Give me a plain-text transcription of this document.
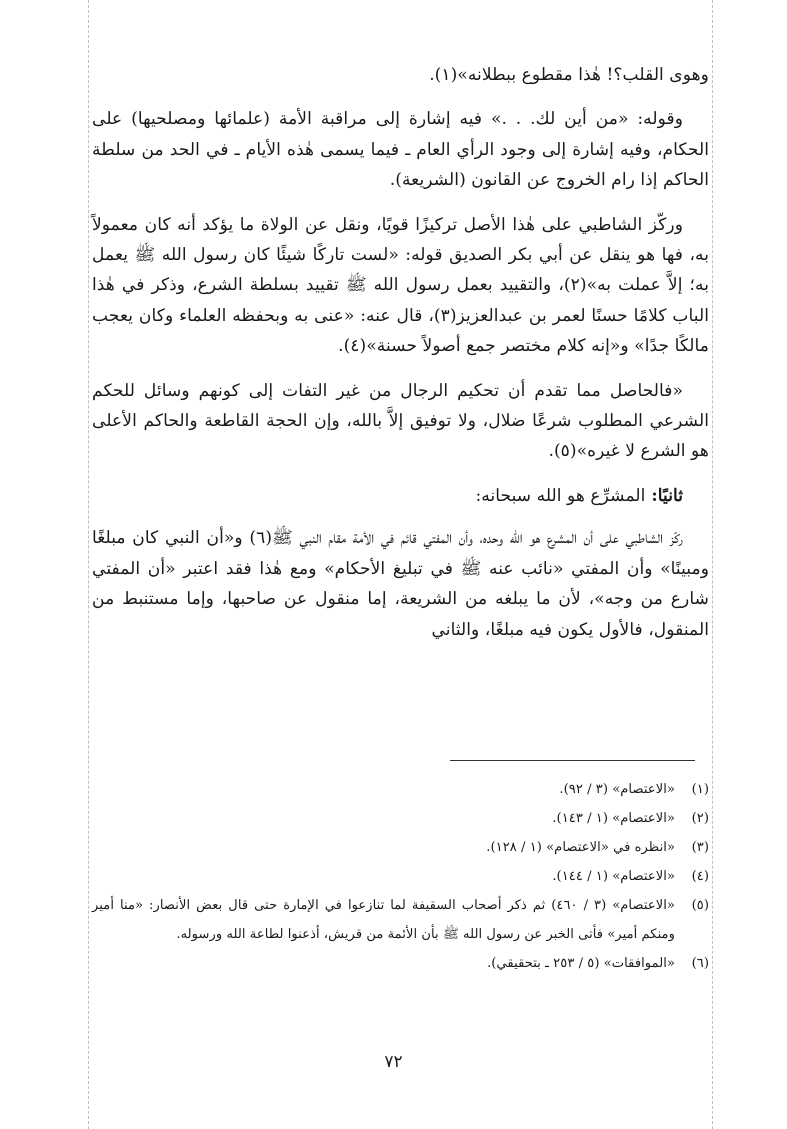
وهوى القلب؟! هٰذا مقطوع ببطلانه»(١).

وقوله: «من أين لك. . .» فيه إشارة إلى مراقبة الأمة (علمائها ومصلحيها) على الحكام، وفيه إشارة إلى وجود الرأي العام ـ فيما يسمى هٰذه الأيام ـ في الحد من سلطة الحاكم إذا رام الخروج عن القانون (الشريعة).

وركّز الشاطبي على هٰذا الأصل تركيزًا قويًا، ونقل عن الولاة ما يؤكد أنه كان معمولاً به، فها هو ينقل عن أبي بكر الصديق قوله: «لست تاركًا شيئًا كان رسول الله ﷺ يعمل به؛ إلاَّ عملت به»(٢)، والتقييد بعمل رسول الله ﷺ تقييد بسلطة الشرع، وذكر في هٰذا الباب كلامًا حسنًا لعمر بن عبدالعزيز(٣)، قال عنه: «عنى به وبحفظه العلماء وكان يعجب مالكًا جدًا» و«إنه كلام مختصر جمع أصولاً حسنة»(٤).

«فالحاصل مما تقدم أن تحكيم الرجال من غير التفات إلى كونهم وسائل للحكم الشرعي المطلوب شرعًا ضلال، ولا توفيق إلاَّ بالله، وإن الحجة القاطعة والحاكم الأعلى هو الشرع لا غيره»(٥).

ثانيًا: المشرِّع هو الله سبحانه:

ركّز الشاطبي على أن المشرع هو الله وحده، وأن المفتي قائم في الأمة مقام النبي ﷺ(٦) و«أن النبي كان مبلغًا ومبينًا» وأن المفتي «نائب عنه ﷺ في تبليغ الأحكام» ومع هٰذا فقد اعتبر «أن المفتي شارع من وجه»، لأن ما يبلغه من الشريعة، إما منقول عن صاحبها، وإما مستنبط من المنقول، فالأول يكون فيه مبلغًا، والثاني

(١)
«الاعتصام» (٣ / ٩٢).
(٢)
«الاعتصام» (١ / ١٤٣).
(٣)
«انظره في «الاعتصام» (١ / ١٢٨).
(٤)
«الاعتصام» (١ / ١٤٤).
(٥)
«الاعتصام» (٣ / ٤٦٠) ثم ذكر أصحاب السقيفة لما تنازعوا في الإمارة حتى قال بعض الأنصار: «منا أمير ومنكم أمير» فأتى الخبر عن رسول الله ﷺ بأن الأئمة من قريش، أذعنوا لطاعة الله ورسوله.
(٦)
«الموافقات» (٥ / ٢٥٣ ـ بتحقيقي).
٧٢
